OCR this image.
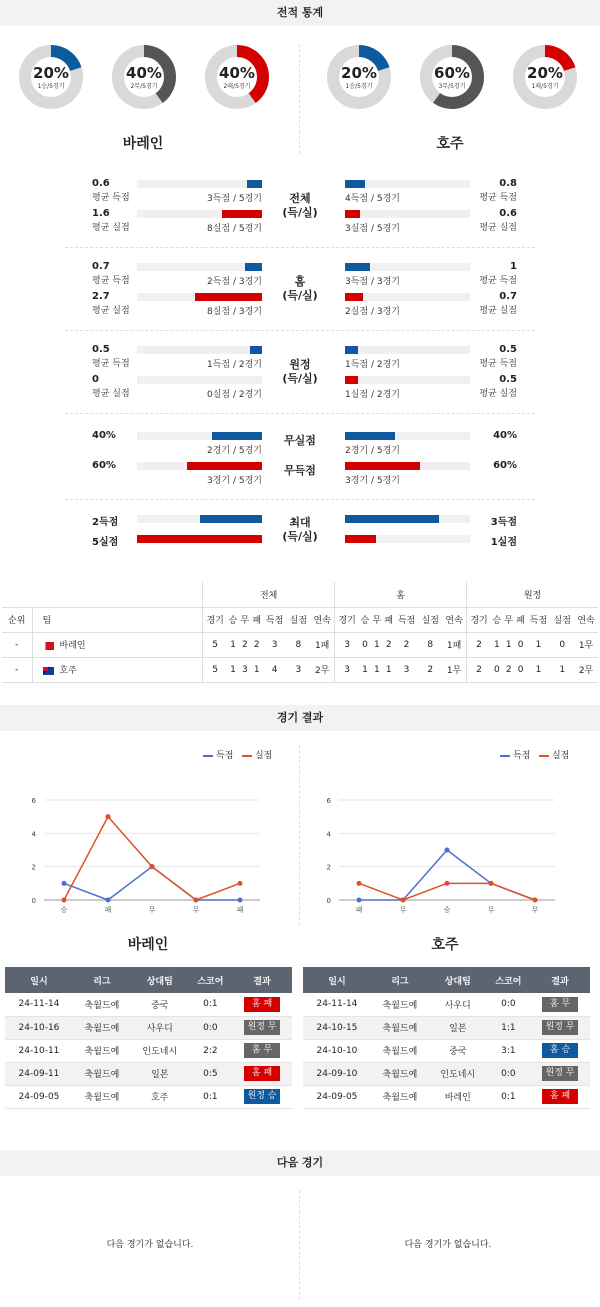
전적 통계
20%
1승/5경기
40%
2무/5경기
40%
2패/5경기
20%
1승/5경기
60%
3무/5경기
20%
1패/5경기
바레인	호주
0.6
평균 득점
0.8
평균 득점
3득점 / 5경기	4득점 / 5경기
1.6
평균 실점
0.6
평균 실점
8실점 / 5경기	3실점 / 5경기
전체
(득/실)
0.7
평균 득점
1
평균 득점
2득점 / 3경기	3득점 / 3경기
2.7
평균 실점
0.7
평균 실점
8실점 / 3경기	2실점 / 3경기
홈
(득/실)
0.5
평균 득점
0.5
평균 득점
1득점 / 2경기	1득점 / 2경기
0
평균 실점
0.5
평균 실점
0실점 / 2경기	1실점 / 2경기
원정
(득/실)
40%	40%
2경기 / 5경기	2경기 / 5경기
무실점
60%	60%
3경기 / 5경기	3경기 / 5경기
무득점
2득점	3득점
5실점	1실점
최대
(득/실)
		전체							홈							원정						
순위	팀	경기	승	무	패	득점	실점	연속	경기	승	무	패	득점	실점	연속	경기	승	무	패	득점	실점	연속
-	바레인	5	1	2	2	3	8	1패	3	0	1	2	2	8	1패	2	1	1	0	1	0	1무
-	호주	5	1	3	1	4	3	2무	3	1	1	1	3	2	1무	2	0	2	0	1	1	2무
경기 결과
득점 실점	득점 실점
0
2
4
6
승	패	무	무	패
0
2
4
6
패	무	승	무	무
바레인	호주
일시	리그	상대팀	스코어	결과
24-11-14	축월드예	중국	0:1	홈 패
24-10-16	축월드예	사우디	0:0	원정 무
24-10-11	축월드예	인도네시	2:2	홈 무
24-09-11	축월드예	일본	0:5	홈 패
24-09-05	축월드예	호주	0:1	원정 승
일시	리그	상대팀	스코어	결과
24-11-14	축월드예	사우디	0:0	홈 무
24-10-15	축월드예	일본	1:1	원정 무
24-10-10	축월드예	중국	3:1	홈 승
24-09-10	축월드예	인도네시	0:0	원정 무
24-09-05	축월드예	바레인	0:1	홈 패
다음 경기
다음 경기가 없습니다.	다음 경기가 없습니다.
